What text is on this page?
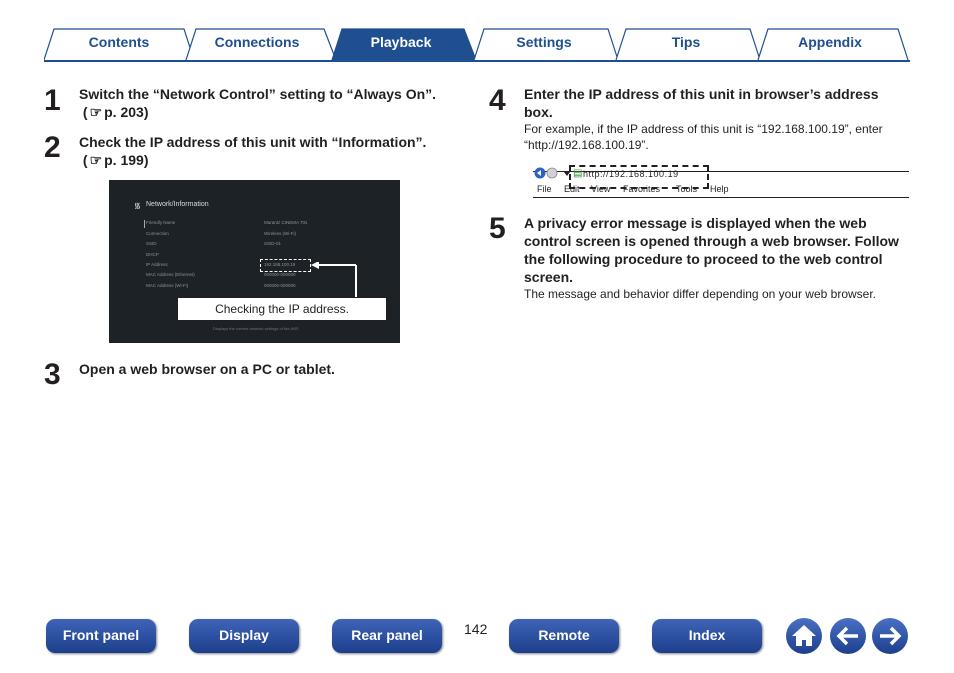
Contents	Connections	Playback	Settings	Tips	Appendix
1 Switch the “Network Control” setting to “Always On”.
( ☞ p. 203 )
2 Check the IP address of this unit with “Information”.
( ☞ p. 199 )
᯾ Network/Information
Friendly Name	Marantz CINEMA 70s
Connection	Wireless (Wi-Fi)
SSID	SSID-01
DHCP
IP Address	192.168.100.19
MAC Address (Ethernet)	000000-000000
MAC Address (Wi-Fi)	000000-000000
Displays the current network settings of the AVR
Checking the IP address.
3 Open a web browser on a PC or tablet.
4 Enter the IP address of this unit in browser’s address box.
For example, if the IP address of this unit is “192.168.100.19”, enter “http://192.168.100.19”.
▤ http://192.168.100.19
File Edit View Favorites Tools Help
5 A privacy error message is displayed when the web control screen is opened through a web browser. Follow the following procedure to proceed to the web control screen.
The message and behavior differ depending on your web browser.
Front panel	Display	Rear panel	142	Remote	Index
